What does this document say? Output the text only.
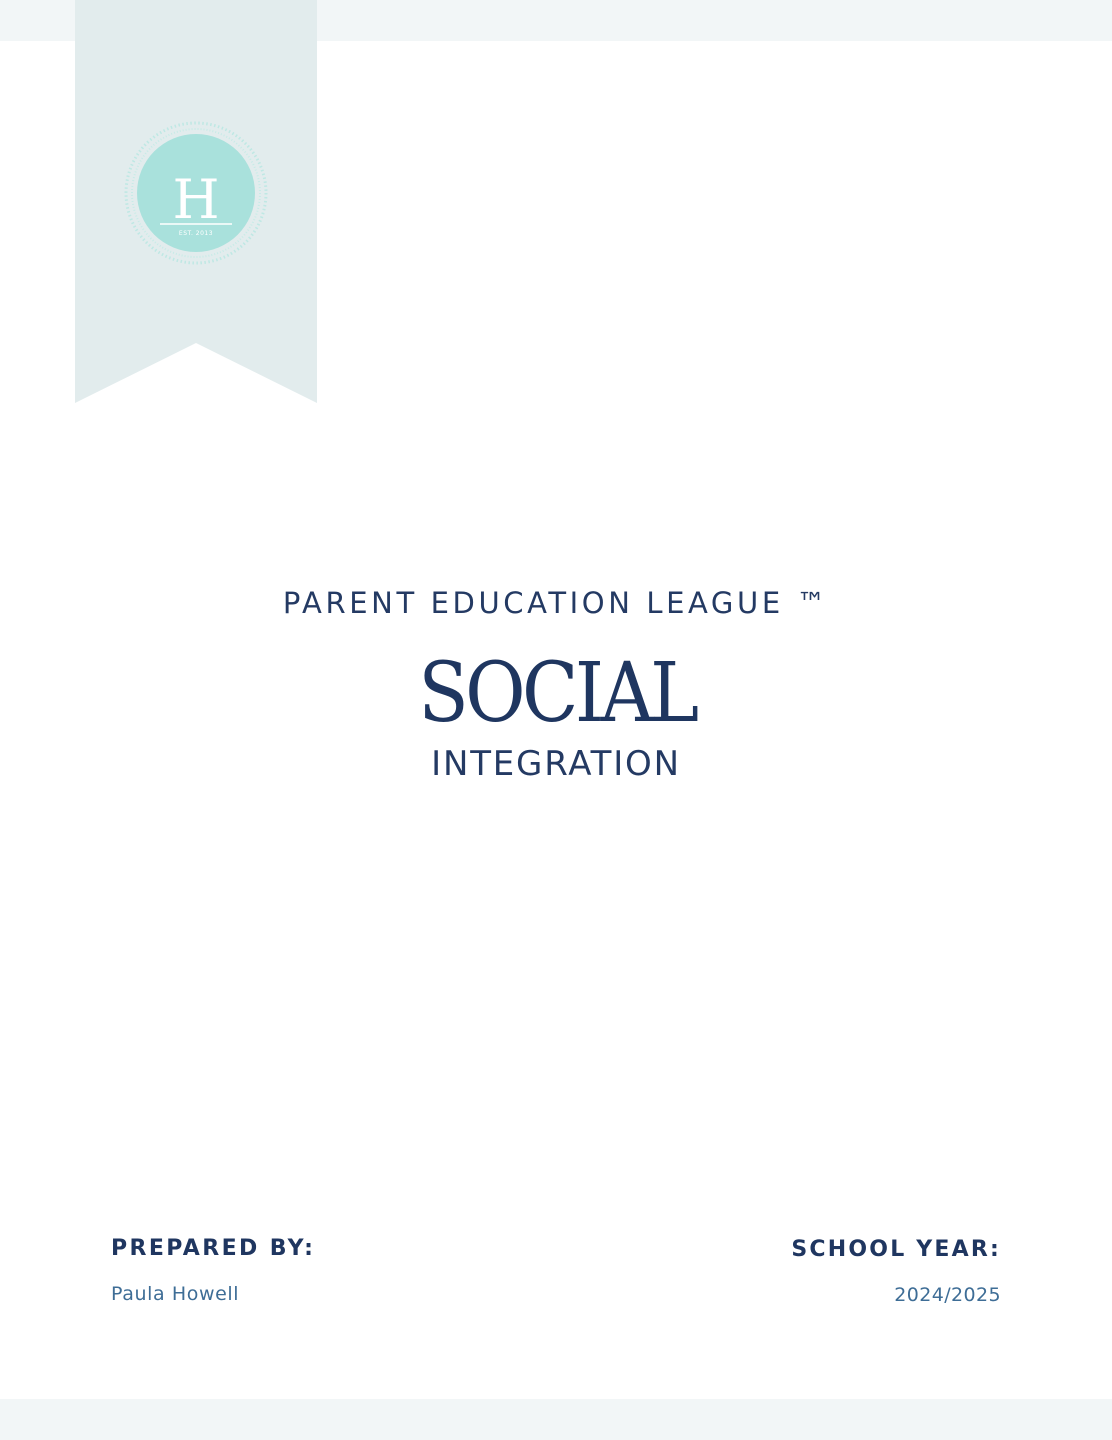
H
EST. 2013
PARENT EDUCATION LEAGUE ™
SOCIAL
INTEGRATION
PREPARED BY:
Paula Howell
SCHOOL YEAR:
2024/2025
